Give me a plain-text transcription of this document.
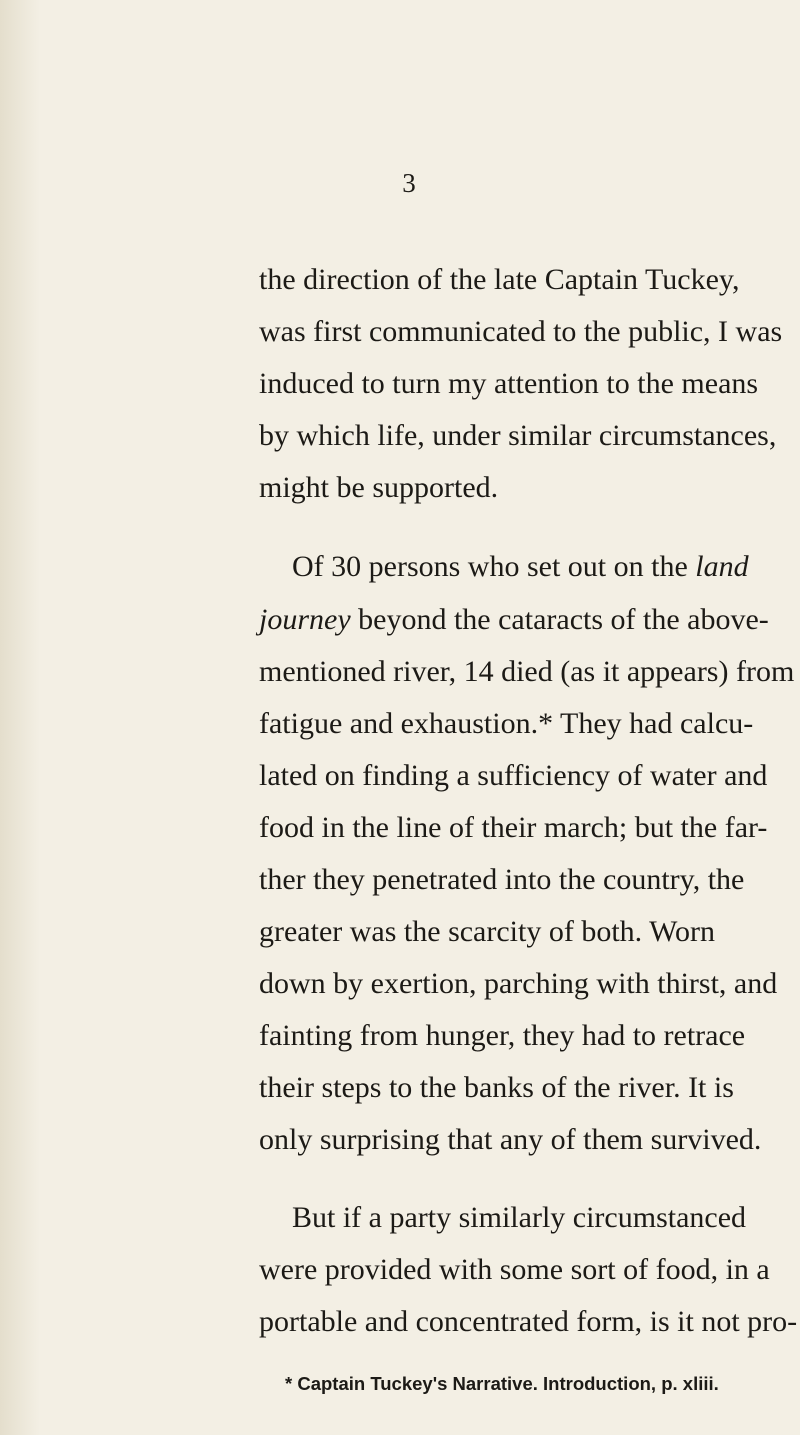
3
the direction of the late Captain Tuckey,
was first communicated to the public, I was
induced to turn my attention to the means
by which life, under similar circumstances,
might be supported.
Of 30 persons who set out on the land
journey beyond the cataracts of the above-
mentioned river, 14 died (as it appears) from
fatigue and exhaustion.* They had calcu-
lated on finding a sufficiency of water and
food in the line of their march; but the far-
ther they penetrated into the country, the
greater was the scarcity of both. Worn
down by exertion, parching with thirst, and
fainting from hunger, they had to retrace
their steps to the banks of the river. It is
only surprising that any of them survived.
But if a party similarly circumstanced
were provided with some sort of food, in a
portable and concentrated form, is it not pro-
* Captain Tuckey's Narrative. Introduction, p. xliii.
